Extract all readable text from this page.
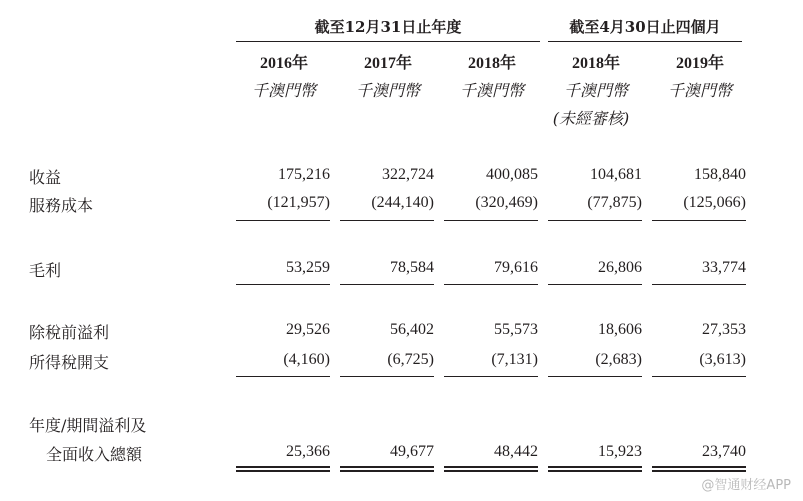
截至12月31日止年度	截至4月30日止四個月
2016年	2017年	2018年	2018年	2019年
千澳門幣	千澳門幣	千澳門幣	千澳門幣	千澳門幣
(未經審核)
收益	175,216	322,724	400,085	104,681	158,840
服務成本	(121,957)	(244,140)	(320,469)	(77,875)	(125,066)
毛利	53,259	78,584	79,616	26,806	33,774
除稅前溢利	29,526	56,402	55,573	18,606	27,353
所得稅開支	(4,160)	(6,725)	(7,131)	(2,683)	(3,613)
年度/期間溢利及
全面收入總額	25,366	49,677	48,442	15,923	23,740
@智通财经APP
